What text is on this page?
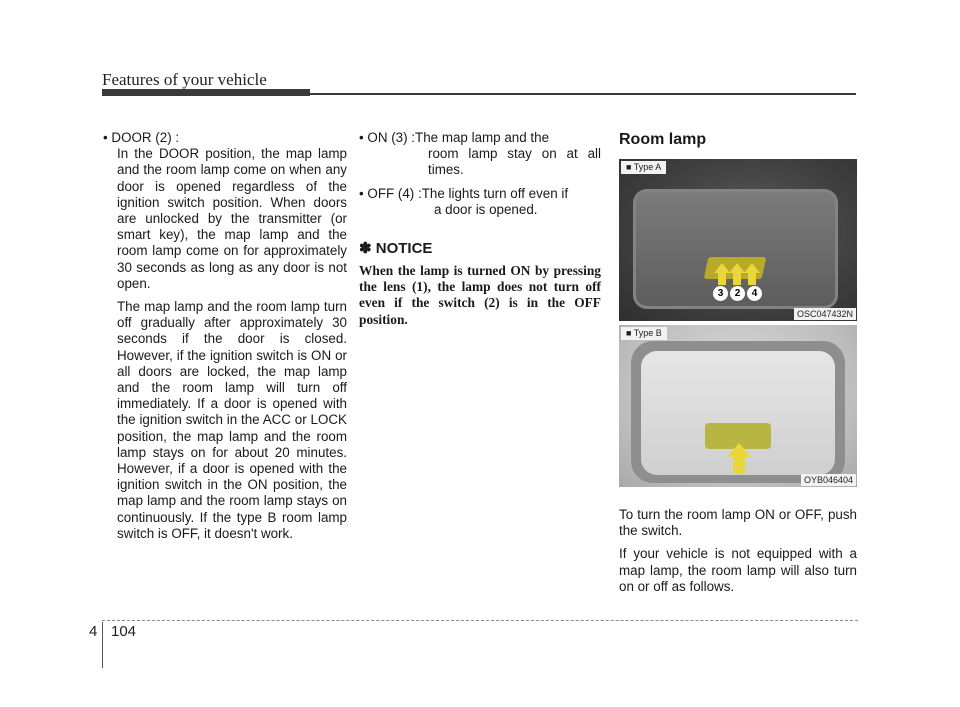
Features of your vehicle

• DOOR (2) :

In the DOOR position, the map lamp and the room lamp come on when any door is opened regardless of the ignition switch position. When doors are unlocked by the transmitter (or smart key), the map lamp and the room lamp come on for approximately 30 seconds as long as any door is not open.

The map lamp and the room lamp turn off gradually after approximately 30 seconds if the door is closed. However, if the ignition switch is ON or all doors are locked, the map lamp and the room lamp will turn off immediately. If a door is opened with the ignition switch in the ACC or LOCK position, the map lamp and the room lamp stays on for about 20 minutes. However, if a door is opened with the ignition switch in the ON position, the map lamp and the room lamp stays on continuously. If the type B room lamp switch is OFF, it doesn't work.

• ON (3) : The map lamp and the

room lamp stay on at all times.

• OFF (4) : The lights turn off even if

a door is opened.

✽ NOTICE

When the lamp is turned ON by pressing the lens (1), the lamp does not turn off even if the switch (2) is in the OFF position.

Room lamp

3	2	4
■ Type A
OSC047432N
■ Type B
OYB046404

To turn the room lamp ON or OFF, push the switch.

If your vehicle is not equipped with a map lamp, the room lamp will also turn on or off as follows.

4 104
